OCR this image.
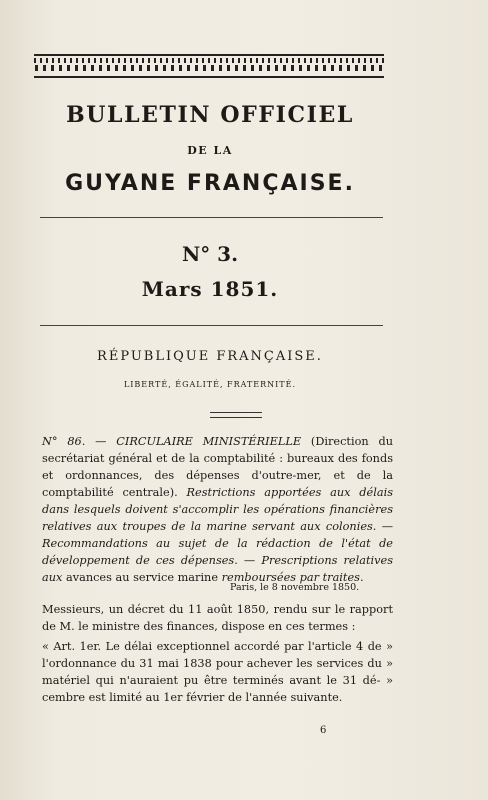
BULLETIN OFFICIEL
DE LA
GUYANE FRANÇAISE.
N° 3.
Mars 1851.
RÉPUBLIQUE FRANÇAISE.
LIBERTÉ, ÉGALITÉ, FRATERNITÉ.
N° 86. — CIRCULAIRE MINISTÉRIELLE (Direction du secrétariat général et de la comptabilité : bureaux des fonds et ordonnances, des dépenses d'outre-mer, et de la comptabilité centrale). Restrictions apportées aux délais dans lesquels doivent s'accomplir les opérations financières relatives aux troupes de la marine servant aux colonies. — Recommandations au sujet de la rédaction de l'état de développement de ces dépenses. — Prescriptions relatives aux avances au service marine remboursées par traites.
Paris, le 8 novembre 1850.
Messieurs, un décret du 11 août 1850, rendu sur le rapport de M. le ministre des finances, dispose en ces termes :
« Art. 1er. Le délai exceptionnel accordé par l'article 4 de » l'ordonnance du 31 mai 1838 pour achever les services du » matériel qui n'auraient pu être terminés avant le 31 dé- » cembre est limité au 1er février de l'année suivante.
6
